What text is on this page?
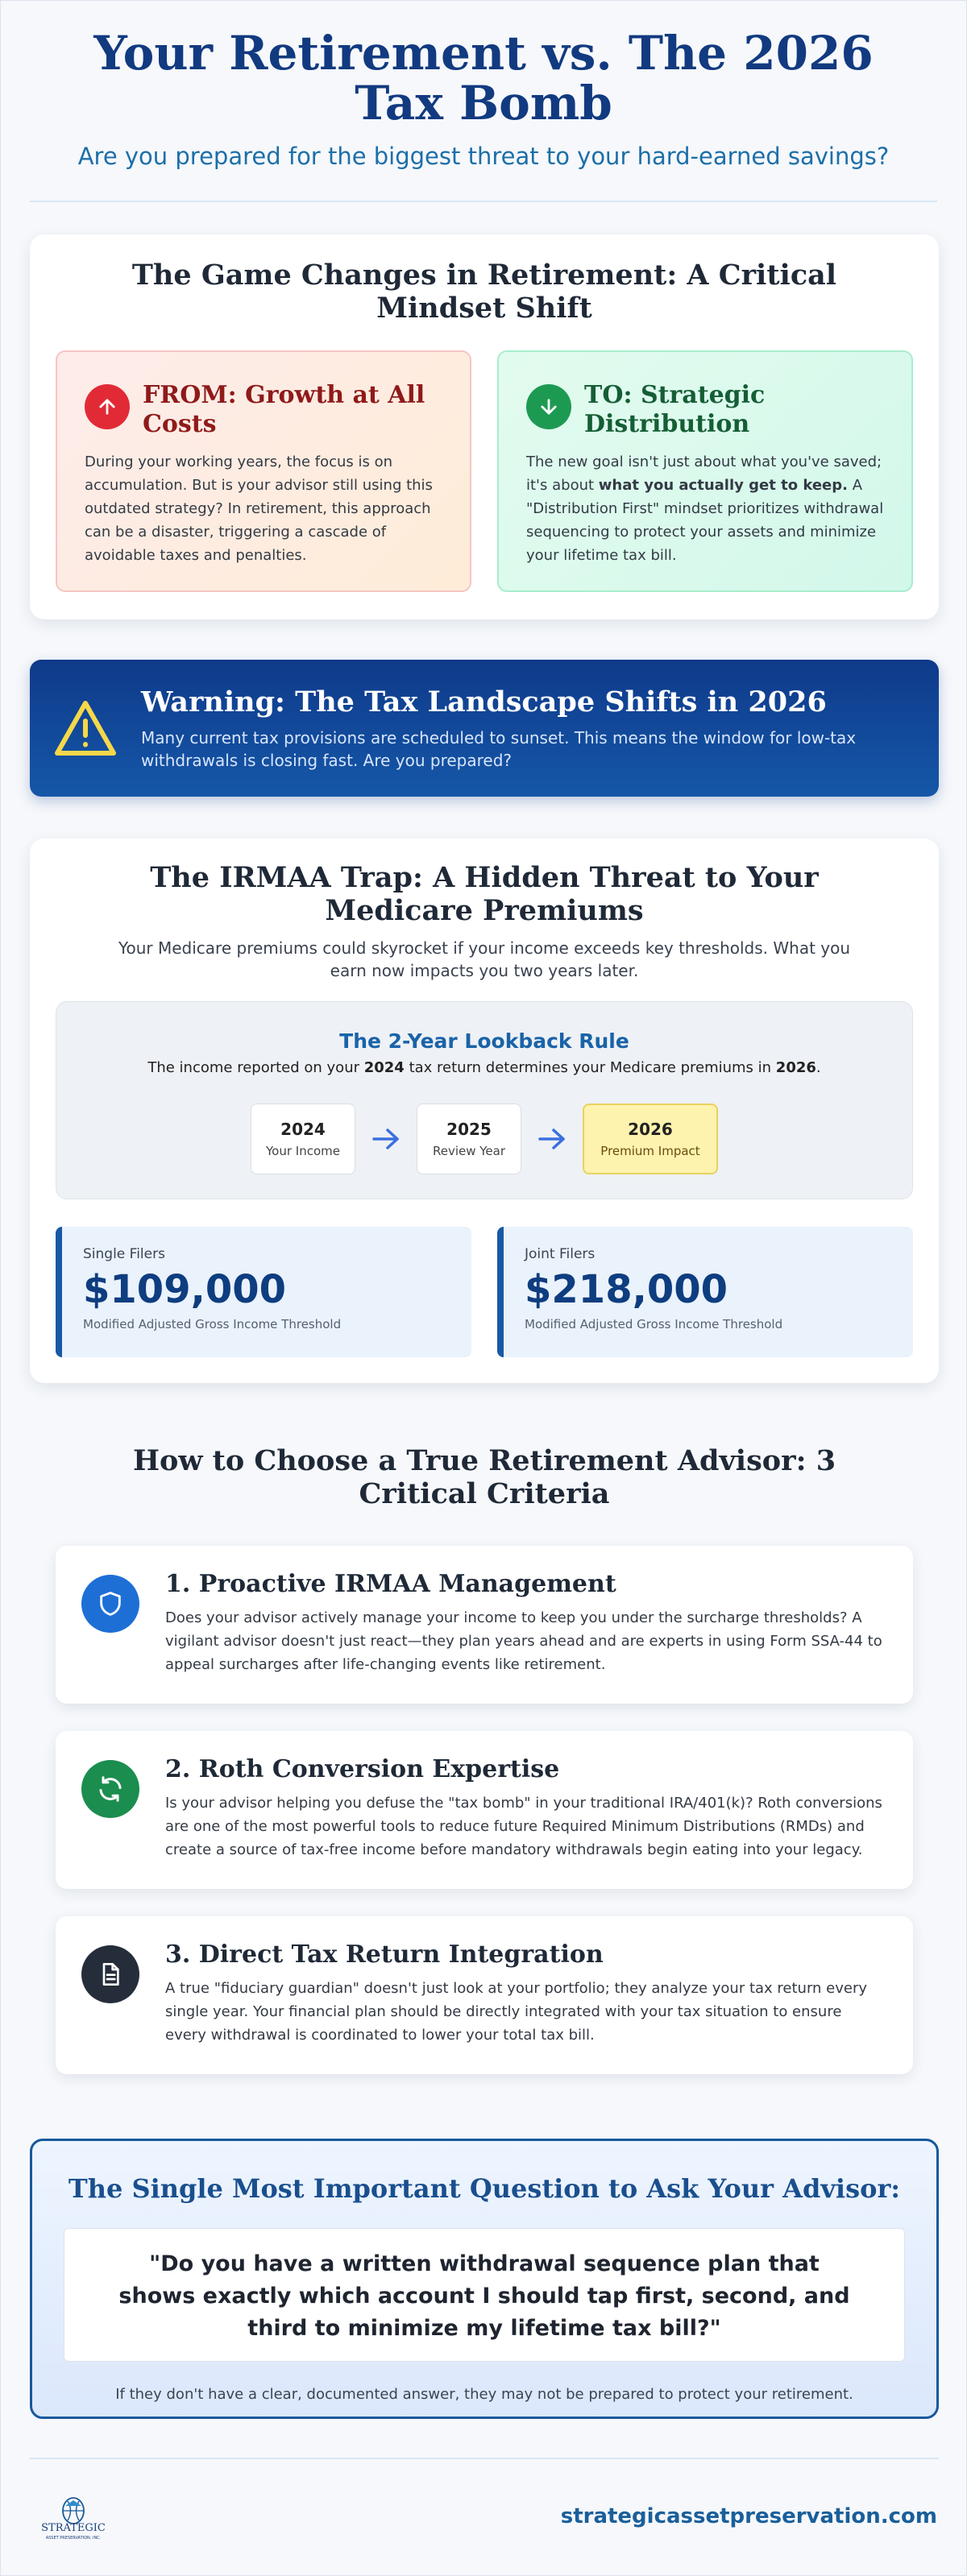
Your Retirement vs. The 2026 Tax Bomb

Are you prepared for the biggest threat to your hard-earned savings?

The Game Changes in Retirement: A Critical Mindset Shift
FROM: Growth at All Costs

During your working years, the focus is on accumulation. But is your advisor still using this outdated strategy? In retirement, this approach can be a disaster, triggering a cascade of avoidable taxes and penalties.

TO: Strategic Distribution

The new goal isn't just about what you've saved; it's about what you actually get to keep. A "Distribution First" mindset prioritizes withdrawal sequencing to protect your assets and minimize your lifetime tax bill.

Warning: The Tax Landscape Shifts in 2026

Many current tax provisions are scheduled to sunset. This means the window for low-tax withdrawals is closing fast. Are you prepared?

The IRMAA Trap: A Hidden Threat to Your Medicare Premiums

Your Medicare premiums could skyrocket if your income exceeds key thresholds. What you earn now impacts you two years later.

The 2-Year Lookback Rule

The income reported on your 2024 tax return determines your Medicare premiums in 2026.

2024
Your Income
2025
Review Year
2026
Premium Impact
Single Filers
$109,000
Modified Adjusted Gross Income Threshold
Joint Filers
$218,000
Modified Adjusted Gross Income Threshold
How to Choose a True Retirement Advisor: 3 Critical Criteria
1. Proactive IRMAA Management

Does your advisor actively manage your income to keep you under the surcharge thresholds? A vigilant advisor doesn't just react—they plan years ahead and are experts in using Form SSA-44 to appeal surcharges after life-changing events like retirement.

2. Roth Conversion Expertise

Is your advisor helping you defuse the "tax bomb" in your traditional IRA/401(k)? Roth conversions are one of the most powerful tools to reduce future Required Minimum Distributions (RMDs) and create a source of tax-free income before mandatory withdrawals begin eating into your legacy.

3. Direct Tax Return Integration

A true "fiduciary guardian" doesn't just look at your portfolio; they analyze your tax return every single year. Your financial plan should be directly integrated with your tax situation to ensure every withdrawal is coordinated to lower your total tax bill.

The Single Most Important Question to Ask Your Advisor:
"Do you have a written withdrawal sequence plan that shows exactly which account I should tap first, second, and third to minimize my lifetime tax bill?"

If they don't have a clear, documented answer, they may not be prepared to protect your retirement.

STRATEGIC
ASSET PRESERVATION, INC.
strategicassetpreservation.com
